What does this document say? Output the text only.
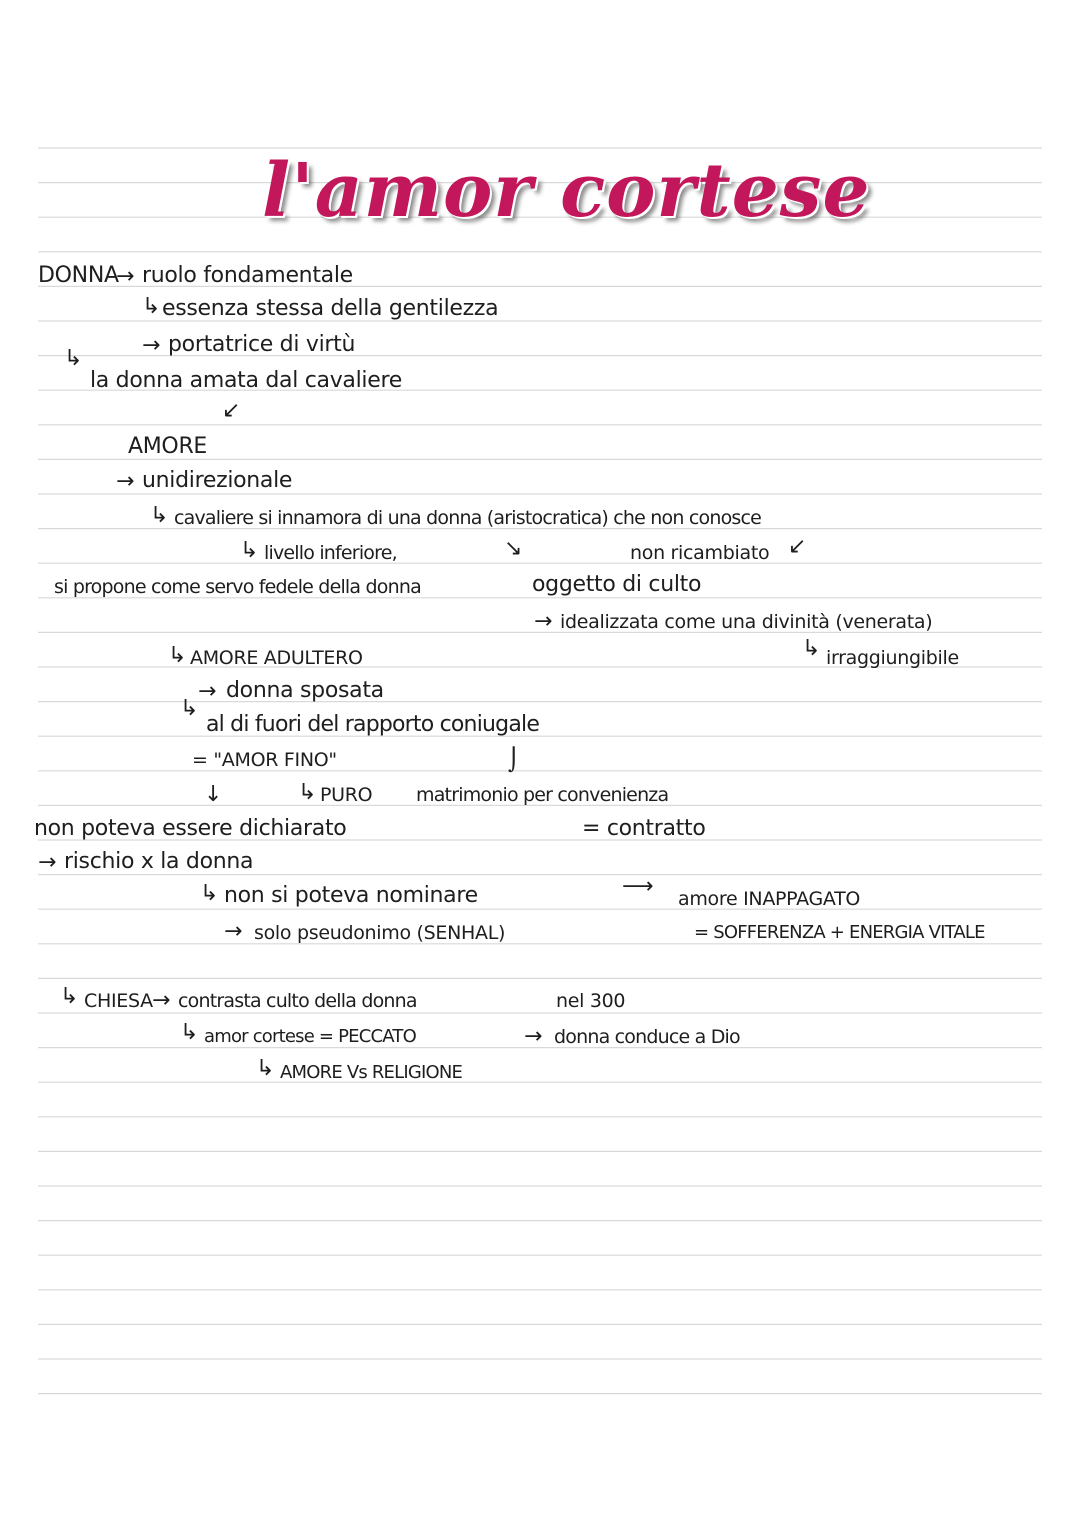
l'amor cortese
DONNA
→ ruolo fondamentale
↳ essenza stessa della gentilezza
→ portatrice di virtù
↳
la donna amata dal cavaliere
↙
AMORE
→ unidirezionale
↳ cavaliere si innamora di una donna (aristocratica) che non conosce
↳ livello inferiore,	↘	non ricambiato ↙
si propone come servo fedele della donna	oggetto di culto
→ idealizzata come una divinità (venerata)
↳ irraggiungibile
↳ AMORE ADULTERO
→ donna sposata
↳
al di fuori del rapporto coniugale
= "AMOR FINO"	⌡
↓	↳ PURO matrimonio per convenienza
non poteva essere dichiarato	= contratto
→ rischio x la donna
↳ non si poteva nominare	⟶ amore INAPPAGATO
→ solo pseudonimo (SENHAL)	= SOFFERENZA + ENERGIA VITALE
↳ CHIESA → contrasta culto della donna	nel 300
↳ amor cortese = PECCATO	→ donna conduce a Dio
↳ AMORE Vs RELIGIONE
